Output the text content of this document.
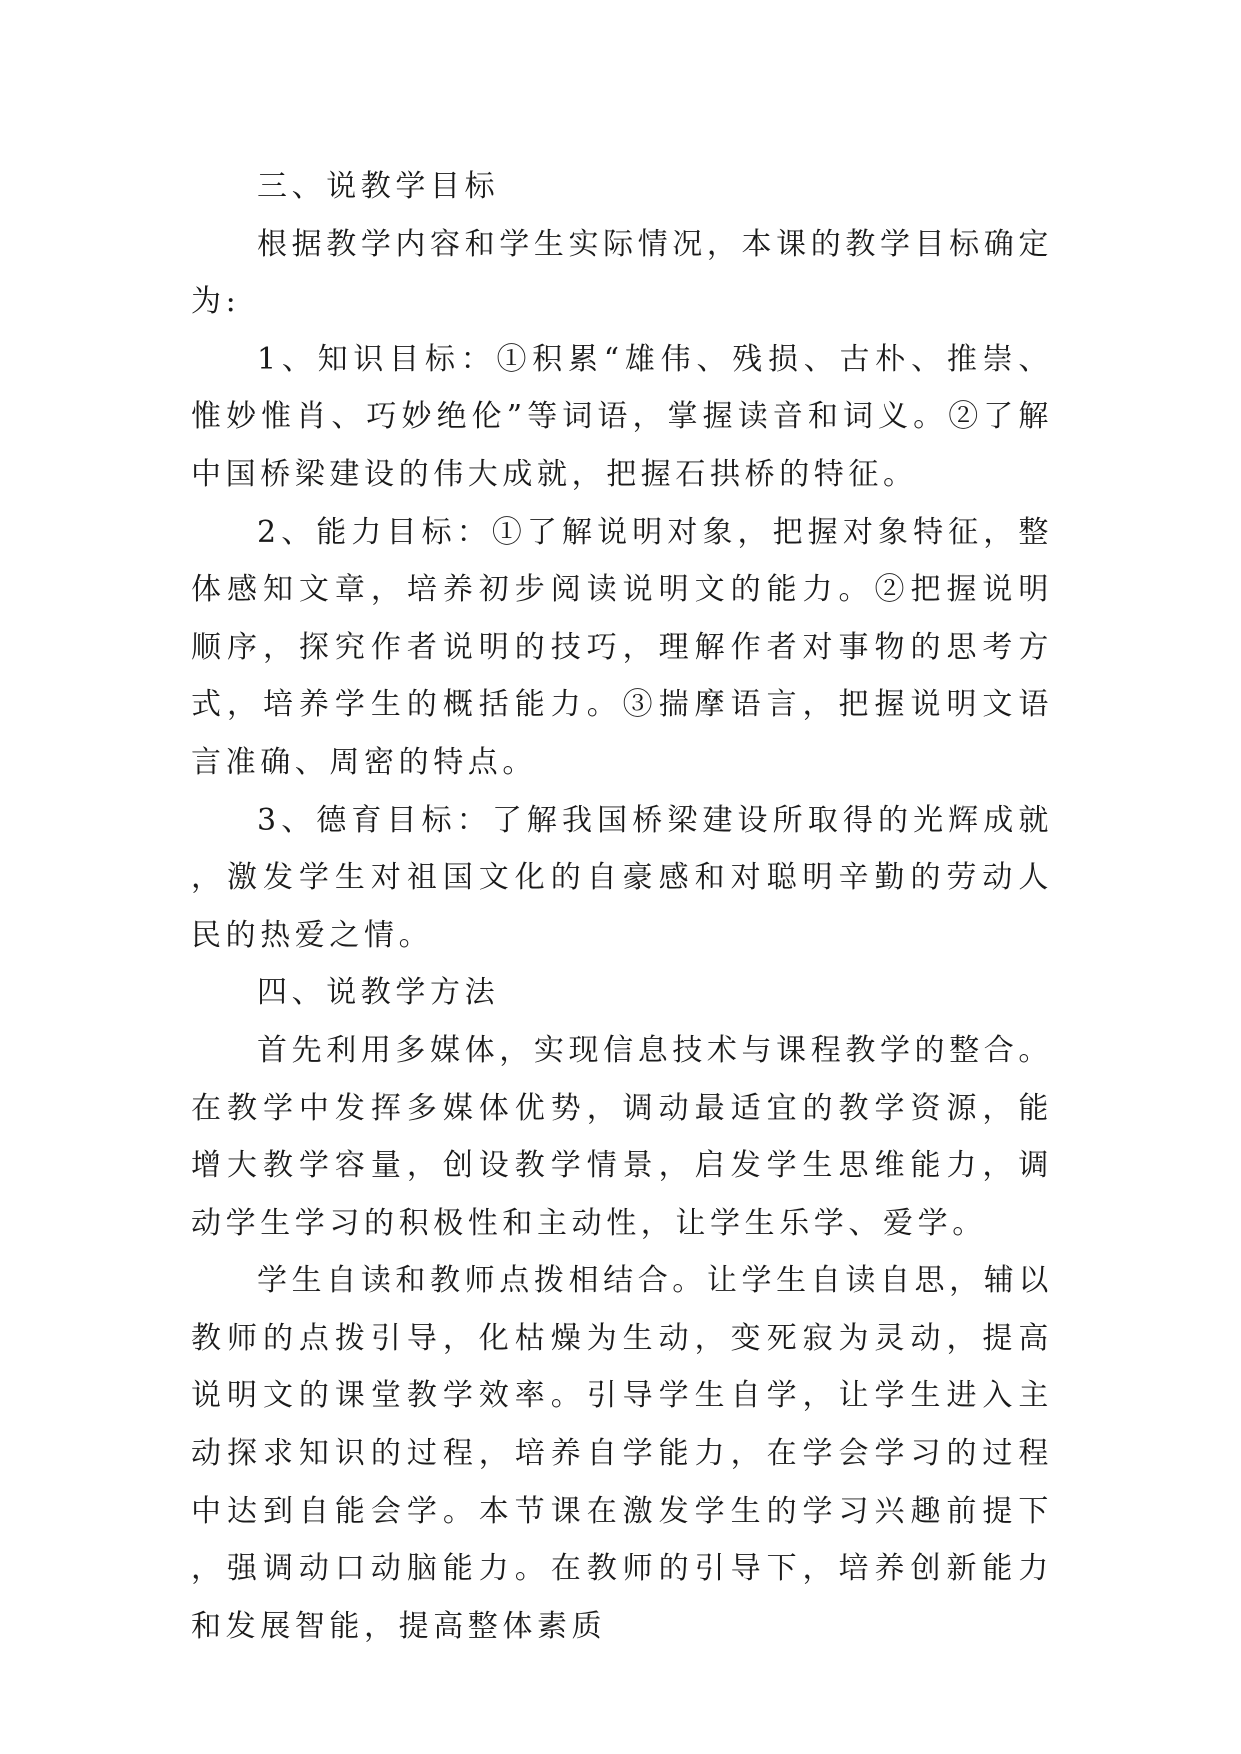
三、说教学目标

根据教学内容和学生实际情况，本课的教学目标确定为:

1、知识目标：①积累“雄伟、残损、古朴、推崇、惟妙惟肖、巧妙绝伦”等词语，掌握读音和词义。②了解中国桥梁建设的伟大成就，把握石拱桥的特征。

2、能力目标：①了解说明对象，把握对象特征，整体感知文章，培养初步阅读说明文的能力。②把握说明顺序，探究作者说明的技巧，理解作者对事物的思考方式，培养学生的概括能力。③揣摩语言，把握说明文语言准确、周密的特点。

3、德育目标：了解我国桥梁建设所取得的光辉成就，激发学生对祖国文化的自豪感和对聪明辛勤的劳动人民的热爱之情。

四、说教学方法

首先利用多媒体，实现信息技术与课程教学的整合。在教学中发挥多媒体优势，调动最适宜的教学资源，能增大教学容量，创设教学情景，启发学生思维能力，调动学生学习的积极性和主动性，让学生乐学、爱学。

学生自读和教师点拨相结合。让学生自读自思，辅以教师的点拨引导，化枯燥为生动，变死寂为灵动，提高说明文的课堂教学效率。引导学生自学，让学生进入主动探求知识的过程，培养自学能力，在学会学习的过程中达到自能会学。本节课在激发学生的学习兴趣前提下，强调动口动脑能力。在教师的引导下，培养创新能力和发展智能，提高整体素质
